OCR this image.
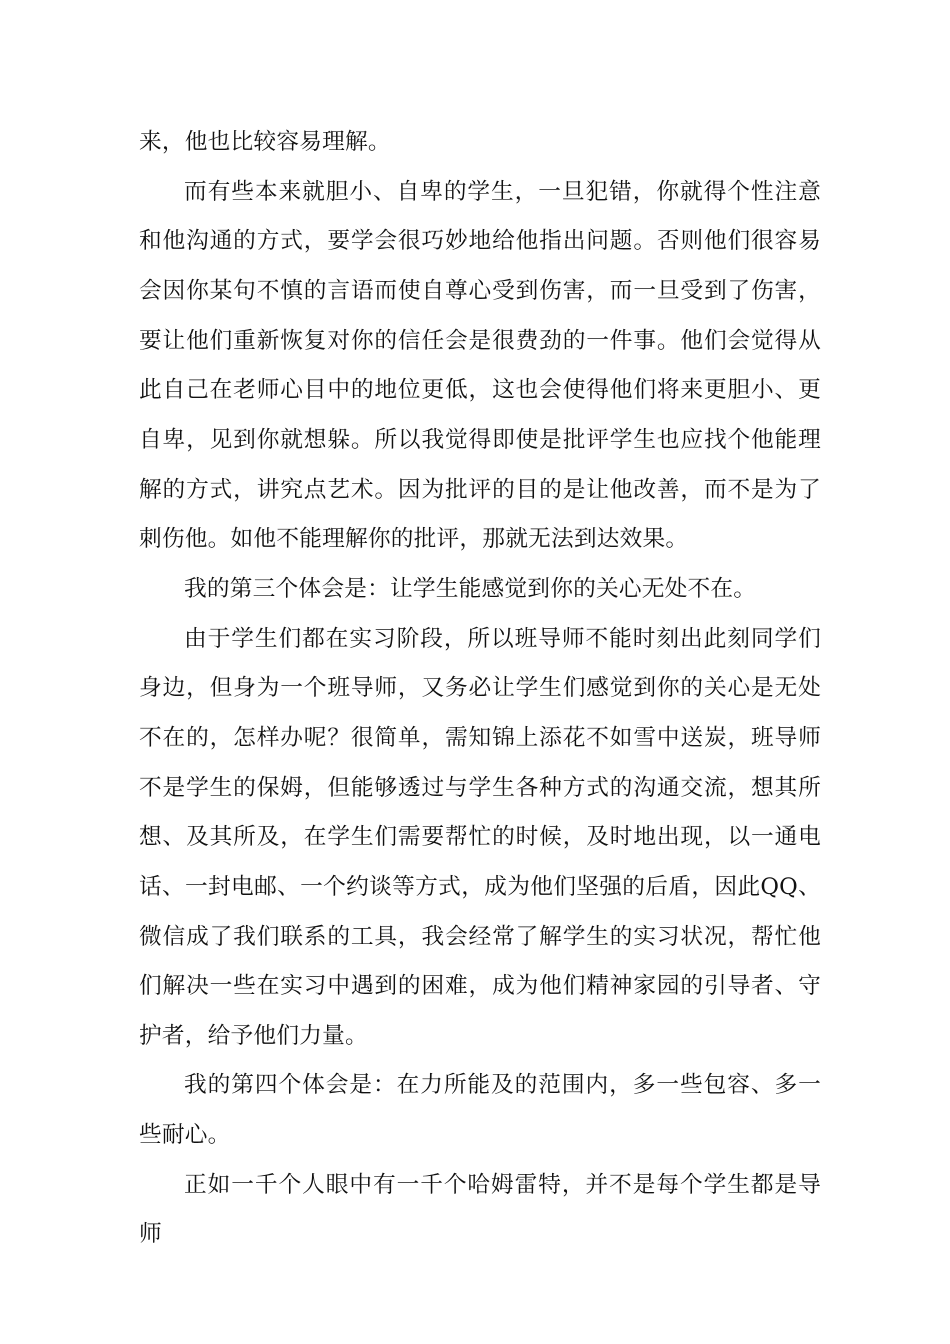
来，他也比较容易理解。

而有些本来就胆小、自卑的学生，一旦犯错，你就得个性注意和他沟通的方式，要学会很巧妙地给他指出问题。否则他们很容易会因你某句不慎的言语而使自尊心受到伤害，而一旦受到了伤害，要让他们重新恢复对你的信任会是很费劲的一件事。他们会觉得从此自己在老师心目中的地位更低，这也会使得他们将来更胆小、更自卑，见到你就想躲。所以我觉得即使是批评学生也应找个他能理解的方式，讲究点艺术。因为批评的目的是让他改善，而不是为了刺伤他。如他不能理解你的批评，那就无法到达效果。

我的第三个体会是：让学生能感觉到你的关心无处不在。

由于学生们都在实习阶段，所以班导师不能时刻出此刻同学们身边，但身为一个班导师，又务必让学生们感觉到你的关心是无处不在的，怎样办呢？很简单，需知锦上添花不如雪中送炭，班导师不是学生的保姆，但能够透过与学生各种方式的沟通交流，想其所想、及其所及，在学生们需要帮忙的时候，及时地出现，以一通电话、一封电邮、一个约谈等方式，成为他们坚强的后盾，因此QQ、微信成了我们联系的工具，我会经常了解学生的实习状况，帮忙他们解决一些在实习中遇到的困难，成为他们精神家园的引导者、守护者，给予他们力量。

我的第四个体会是：在力所能及的范围内，多一些包容、多一些耐心。

正如一千个人眼中有一千个哈姆雷特，并不是每个学生都是导师
